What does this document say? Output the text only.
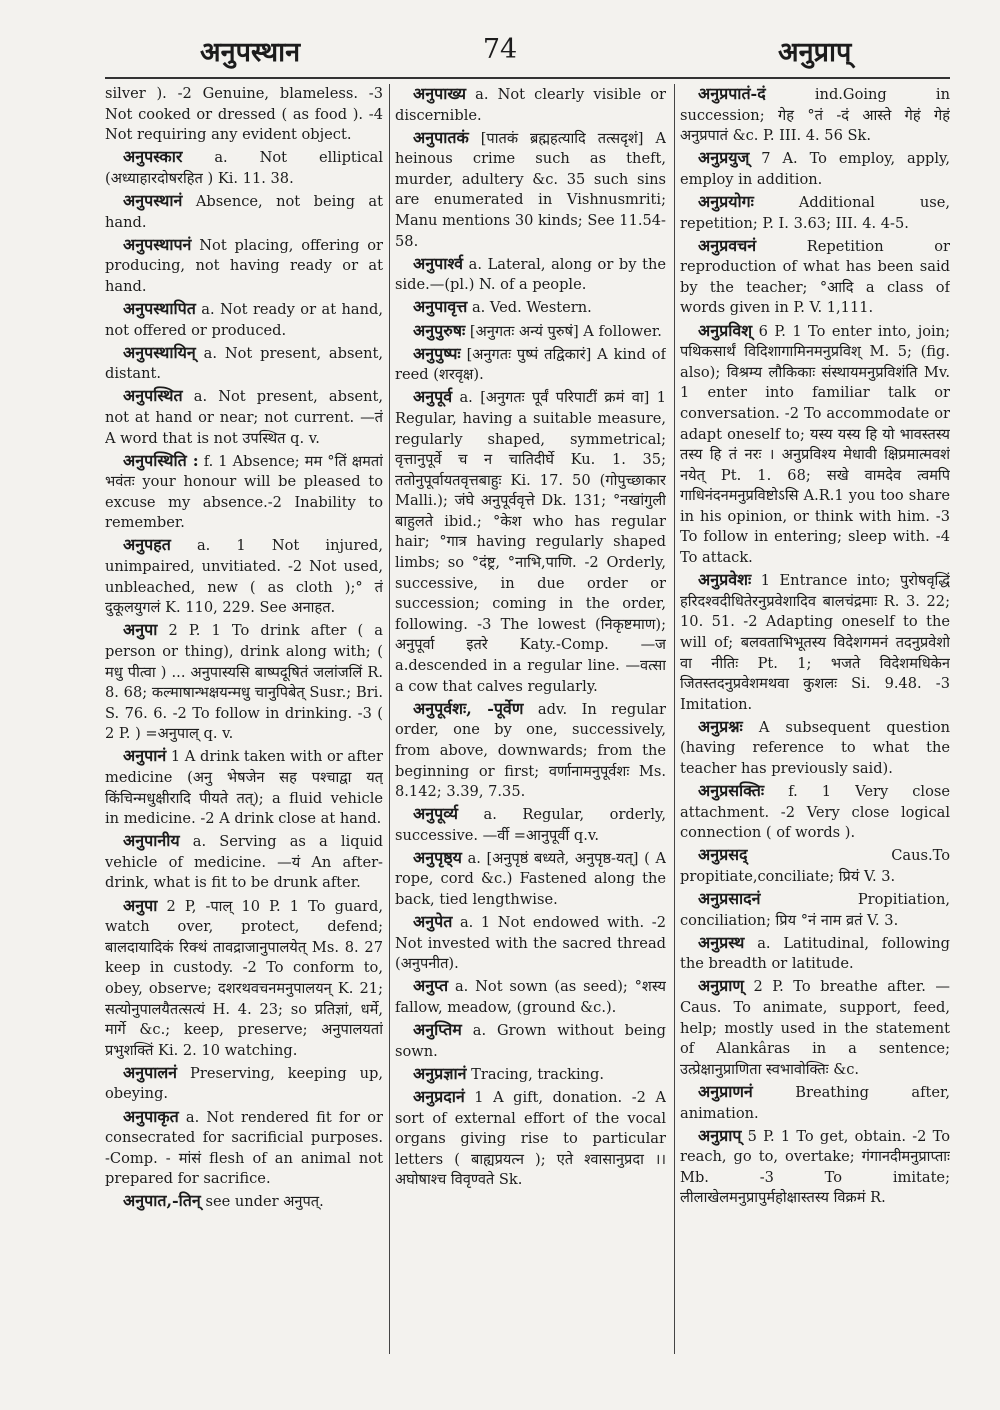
अनुपस्थान	74	अनुप्राप्

silver ). -2 Genuine, blameless. -3 Not cooked or dressed ( as food ). -4 Not requiring any evident object.

अनुपस्कार a. Not elliptical (अध्याहारदोषरहित ) Ki. 11. 38.

अनुपस्थानं Absence, not being at hand.

अनुपस्थापनं Not placing, offering or producing, not having ready or at hand.

अनुपस्थापित a. Not ready or at hand, not offered or produced.

अनुपस्थायिन् a. Not present, absent, distant.

अनुपस्थित a. Not present, absent, not at hand or near; not current. —तं A word that is not उपस्थित q. v.

अनुपस्थिति : f. 1 Absence; मम °तिं क्षमतां भवंतः your honour will be pleased to excuse my absence.-2 Inability to remember.

अनुपहत a. 1 Not injured, unimpaired, unvitiated. -2 Not used, unbleached, new ( as cloth );° तं दुकूलयुगलं K. 110, 229. See अनाहत.

अनुपा 2 P. 1 To drink after ( a person or thing), drink along with; ( मधु पीत्वा ) ... अनुपास्यसि बाष्पदूषितं जलांजलिं R. 8. 68; कल्माषान्भक्षयन्मधु चानुपिबेत् Susr.; Bri. S. 76. 6. -2 To follow in drinking. -3 ( 2 P. ) =अनुपाल् q. v.

अनुपानं 1 A drink taken with or after medicine (अनु भेषजेन सह पश्चाद्वा यत् किंचिन्मधुक्षीरादि पीयते तत्); a fluid vehicle in medicine. -2 A drink close at hand.

अनुपानीय a. Serving as a liquid vehicle of medicine. —यं An after-drink, what is fit to be drunk after.

अनुपा 2 P, -पाल् 10 P. 1 To guard, watch over, protect, defend; बालदायादिकं रिक्थं तावद्राजानुपालयेत् Ms. 8. 27 keep in custody. -2 To conform to, obey, observe; दशरथवचनमनुपालयन् K. 21; सत्योनुपालयैतत्सत्यं H. 4. 23; so प्रतिज्ञां, धर्मे, मार्गे &c.; keep, preserve; अनुपालयतां प्रभुशक्तिं Ki. 2. 10 watching.

अनुपालनं Preserving, keeping up, obeying.

अनुपाकृत a. Not rendered fit for or consecrated for sacrificial purposes. -Comp. - मांसं flesh of an animal not prepared for sacrifice.

अनुपात,-तिन् see under अनुपत्.

अनुपाख्य a. Not clearly visible or discernible.

अनुपातकं [पातकं ब्रह्महत्यादि तत्सदृशं] A heinous crime such as theft, murder, adultery &c. 35 such sins are enumerated in Vishnusmriti; Manu mentions 30 kinds; See 11.54-58.

अनुपार्श्व a. Lateral, along or by the side.—(pl.) N. of a people.

अनुपावृत्त a. Ved. Western.

अनुपुरुषः [अनुगतः अन्यं पुरुषं] A follower.

अनुपुष्पः [अनुगतः पुष्पं तद्विकारं] A kind of reed (शरवृक्ष).

अनुपूर्व a. [अनुगतः पूर्वं परिपाटीं क्रमं वा] 1 Regular, having a suitable measure, regularly shaped, symmetrical; वृत्तानुपूर्वे च न चातिदीर्घे Ku. 1. 35; ततोनुपूर्वायतवृत्तबाहुः Ki. 17. 50 (गोपुच्छाकार Malli.); जंघे अनुपूर्ववृत्ते Dk. 131; °नखांगुली बाहुलते ibid.; °केश who has regular hair; °गात्र having regularly shaped limbs; so °दंष्ट्र, °नाभि,पाणि. -2 Orderly, successive, in due order or succession; coming in the order, following. -3 The lowest (निकृष्टमाण); अनुपूर्वा इतरे Katy.-Comp. —ज a.descended in a regular line. —वत्सा a cow that calves regularly.

अनुपूर्वशः, -पूर्वेण adv. In regular order, one by one, successively, from above, downwards; from the beginning or first; वर्णानामनुपूर्वशः Ms. 8.142; 3.39, 7.35.

अनुपूर्व्य a. Regular, orderly, successive. —र्वी =आनुपूर्वी q.v.

अनुपृष्ठ्य a. [अनुपृष्ठं बध्यते, अनुपृष्ठ-यत्] ( A rope, cord &c.) Fastened along the back, tied lengthwise.

अनुपेत a. 1 Not endowed with. -2 Not invested with the sacred thread (अनुपनीत).

अनुप्त a. Not sown (as seed); °शस्य fallow, meadow, (ground &c.).

अनुप्तिम a. Grown without being sown.

अनुप्रज्ञानं Tracing, tracking.

अनुप्रदानं 1 A gift, donation. -2 A sort of external effort of the vocal organs giving rise to particular letters ( बाह्यप्रयत्न ); एते श्वासानुप्रदा ।। अघोषाश्च विवृण्वते Sk.

अनुप्रपातं-दं	ind.Going in succession; गेह °तं -दं आस्ते गेहं गेहं अनुप्रपातं &c. P. III. 4. 56 Sk.

अनुप्रयुज् 7 A. To employ, apply, employ in addition.

अनुप्रयोगः	Additional use, repetition; P. I. 3.63; III. 4. 4-5.

अनुप्रवचनं	Repetition or reproduction of what has been said by the teacher; °आदि a class of words given in P. V. 1,111.

अनुप्रविश् 6 P. 1 To enter into, join; पथिकसार्थं विदिशागामिनमनुप्रविश् M. 5; (fig. also); विश्रम्य लौकिकाः संस्थायमनुप्रविशंति Mv. 1 enter into familiar talk or conversation. -2 To accommodate or adapt oneself to; यस्य यस्य हि यो भावस्तस्य तस्य हि तं नरः । अनुप्रविश्य मेधावी क्षिप्रमात्मवशं नयेत् Pt. 1. 68; सखे वामदेव त्वमपि गाधिनंदनमनुप्रविष्टोऽसि A.R.1 you too share in his opinion, or think with him. -3 To follow in entering; sleep with. -4 To attack.

अनुप्रवेशः 1 Entrance into; पुरोषवृद्धिं हरिदश्वदीधितेरनुप्रवेशादिव बालचंद्रमाः R. 3. 22; 10. 51. -2 Adapting oneself to the will of; बलवताभिभूतस्य विदेशगमनं तदनुप्रवेशो वा नीतिः Pt. 1; भजते विदेशमधिकेन जितस्तदनुप्रवेशमथवा कुशलः Si. 9.48. -3 Imitation.

अनुप्रश्नः A subsequent question (having reference to what the teacher has previously said).

अनुप्रसक्तिः f. 1 Very close attachment. -2 Very close logical connection ( of words ).

अनुप्रसद्	Caus.To propitiate,conciliate; प्रियं V. 3.

अनुप्रसादनं	Propitiation, conciliation; प्रिय °नं नाम व्रतं V. 3.

अनुप्रस्थ a. Latitudinal, following the breadth or latitude.

अनुप्राण् 2 P. To breathe after. —Caus. To animate, support, feed, help; mostly used in the statement of Alankâras in a sentence; उत्प्रेक्षानुप्राणिता स्वभावोक्तिः &c.

अनुप्राणनं	Breathing after, animation.

अनुप्राप् 5 P. 1 To get, obtain. -2 To reach, go to, overtake; गंगानदीमनुप्राप्ताः Mb. -3 To imitate; लीलाखेलमनुप्रापुर्महोक्षास्तस्य विक्रमं R.
